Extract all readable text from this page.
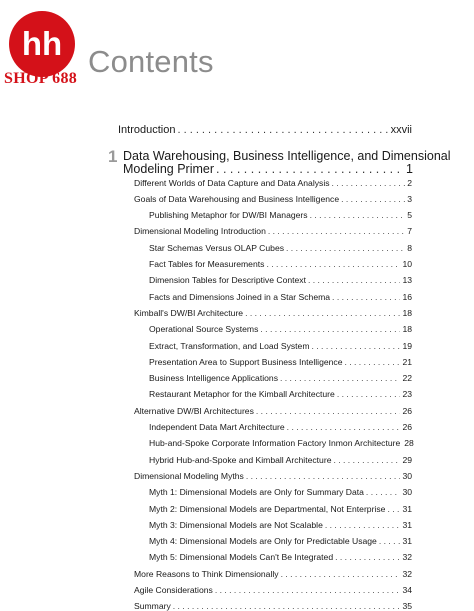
hh
SHOP 688 Contents
Introduction . . .	xxvii
1 Data Warehousing, Business Intelligence, and Dimensional
Modeling Primer . . .	1
Different Worlds of Data Capture and Data Analysis . . .	2
Goals of Data Warehousing and Business Intelligence . . .	3
Publishing Metaphor for DW/BI Managers . . .	5
Dimensional Modeling Introduction . . .	7
Star Schemas Versus OLAP Cubes . . .	8
Fact Tables for Measurements . . .	10
Dimension Tables for Descriptive Context . . .	13
Facts and Dimensions Joined in a Star Schema . . .	16
Kimball's DW/BI Architecture . . .	18
Operational Source Systems . . .	18
Extract, Transformation, and Load System . . .	19
Presentation Area to Support Business Intelligence . . .	21
Business Intelligence Applications . . .	22
Restaurant Metaphor for the Kimball Architecture . . .	23
Alternative DW/BI Architectures . . .	26
Independent Data Mart Architecture . . .	26
Hub-and-Spoke Corporate Information Factory Inmon Architecture 28
Hybrid Hub-and-Spoke and Kimball Architecture . . .	29
Dimensional Modeling Myths . . .	30
Myth 1: Dimensional Models are Only for Summary Data . . .	30
Myth 2: Dimensional Models are Departmental, Not Enterprise . . . 31
Myth 3: Dimensional Models are Not Scalable . . .	31
Myth 4: Dimensional Models are Only for Predictable Usage . . .	31
Myth 5: Dimensional Models Can't Be Integrated . . .	32
More Reasons to Think Dimensionally . . .	32
Agile Considerations . . .	34
Summary . . .	35
